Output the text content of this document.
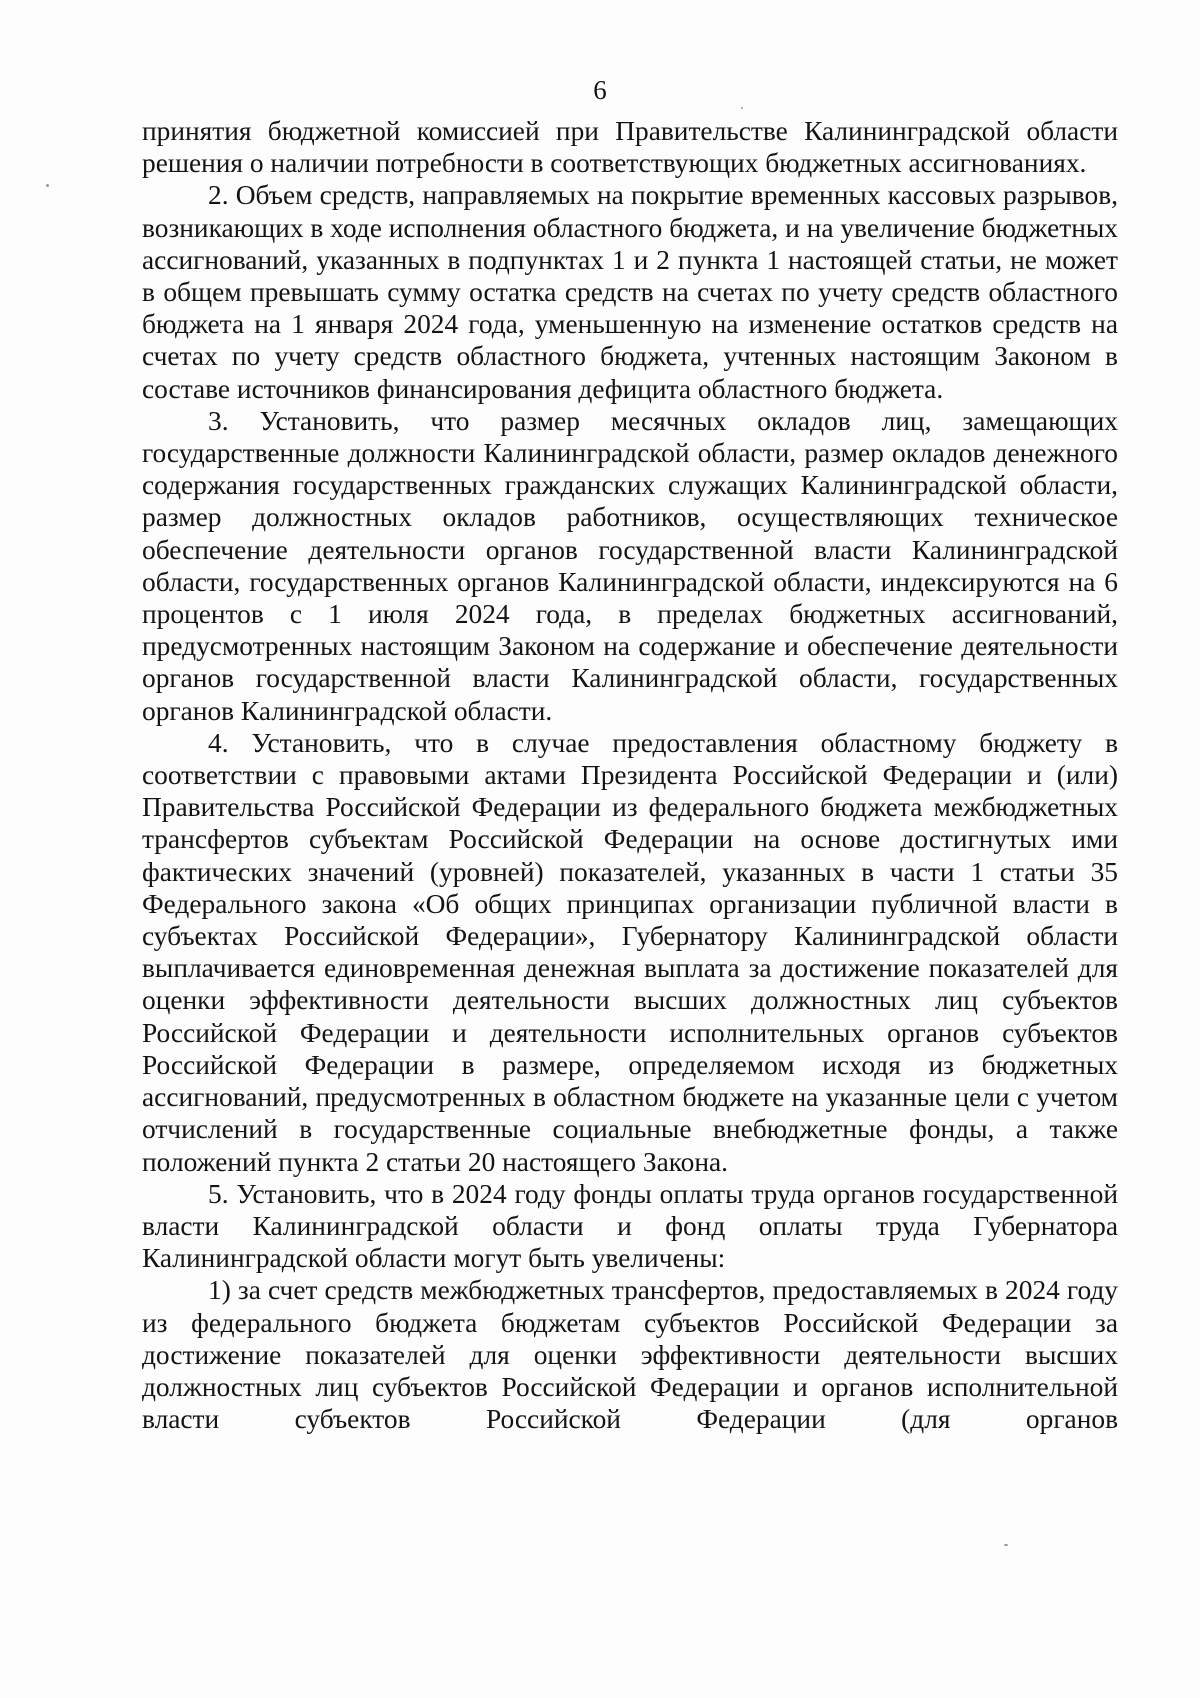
6

принятия бюджетной комиссией при Правительстве Калининградской области решения о наличии потребности в соответствующих бюджетных ассигнованиях.

2. Объем средств, направляемых на покрытие временных кассовых разрывов, возникающих в ходе исполнения областного бюджета, и на увеличение бюджетных ассигнований, указанных в подпунктах 1 и 2 пункта 1 настоящей статьи, не может в общем превышать сумму остатка средств на счетах по учету средств областного бюджета на 1 января 2024 года, уменьшенную на изменение остатков средств на счетах по учету средств областного бюджета, учтенных настоящим Законом в составе источников финансирования дефицита областного бюджета.

3. Установить, что размер месячных окладов лиц, замещающих государственные должности Калининградской области, размер окладов денежного содержания государственных гражданских служащих Калининградской области, размер должностных окладов работников, осуществляющих техническое обеспечение деятельности органов государственной власти Калининградской области, государственных органов Калининградской области, индексируются на 6 процентов с 1 июля 2024 года, в пределах бюджетных ассигнований, предусмотренных настоящим Законом на содержание и обеспечение деятельности органов государственной власти Калининградской области, государственных органов Калининградской области.

4. Установить, что в случае предоставления областному бюджету в соответствии с правовыми актами Президента Российской Федерации и (или) Правительства Российской Федерации из федерального бюджета межбюджетных трансфертов субъектам Российской Федерации на основе достигнутых ими фактических значений (уровней) показателей, указанных в части 1 статьи 35 Федерального закона «Об общих принципах организации публичной власти в субъектах Российской Федерации», Губернатору Калининградской области выплачивается единовременная денежная выплата за достижение показателей для оценки эффективности деятельности высших должностных лиц субъектов Российской Федерации и деятельности исполнительных органов субъектов Российской Федерации в размере, определяемом исходя из бюджетных ассигнований, предусмотренных в областном бюджете на указанные цели с учетом отчислений в государственные социальные внебюджетные фонды, а также положений пункта 2 статьи 20 настоящего Закона.

5. Установить, что в 2024 году фонды оплаты труда органов государственной власти Калининградской области и фонд оплаты труда Губернатора Калининградской области могут быть увеличены:

1) за счет средств межбюджетных трансфертов, предоставляемых в 2024 году из федерального бюджета бюджетам субъектов Российской Федерации за достижение показателей для оценки эффективности деятельности высших должностных лиц субъектов Российской Федерации и органов исполнительной власти субъектов Российской Федерации (для органов
